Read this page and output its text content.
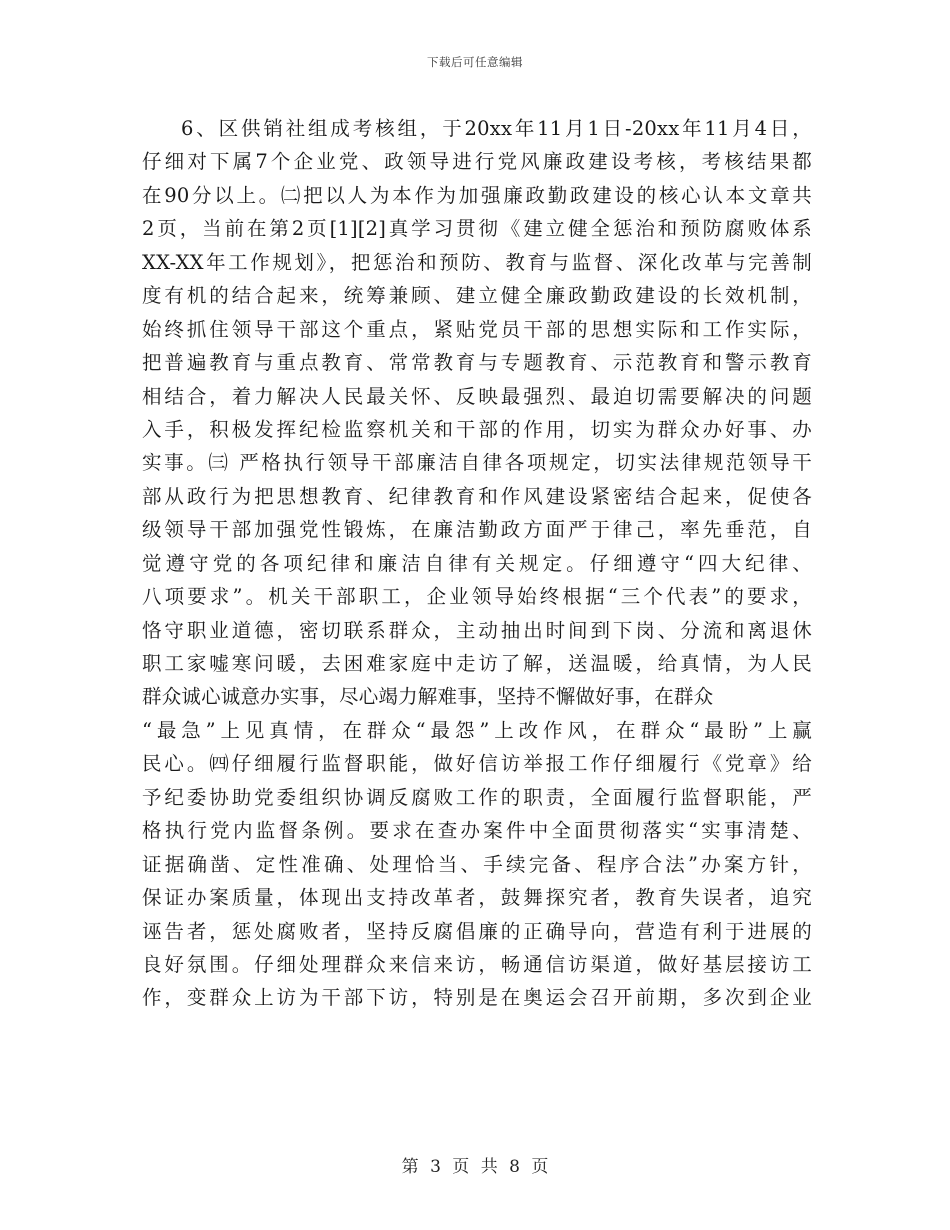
下载后可任意编辑
6、区供销社组成考核组，于20xx年11月1日-20xx年11月4日，
仔细对下属7个企业党、政领导进行党风廉政建设考核，考核结果都
在90分以上。㈡把以人为本作为加强廉政勤政建设的核心认本文章共
2页，当前在第2页[1][2]真学习贯彻《建立健全惩治和预防腐败体系
XX-XX年工作规划》，把惩治和预防、教育与监督、深化改革与完善制
度有机的结合起来，统筹兼顾、建立健全廉政勤政建设的长效机制，
始终抓住领导干部这个重点，紧贴党员干部的思想实际和工作实际，
把普遍教育与重点教育、常常教育与专题教育、示范教育和警示教育
相结合，着力解决人民最关怀、反映最强烈、最迫切需要解决的问题
入手，积极发挥纪检监察机关和干部的作用，切实为群众办好事、办
实事。㈢ 严格执行领导干部廉洁自律各项规定，切实法律规范领导干
部从政行为把思想教育、纪律教育和作风建设紧密结合起来，促使各
级领导干部加强党性锻炼，在廉洁勤政方面严于律己，率先垂范，自
觉遵守党的各项纪律和廉洁自律有关规定。仔细遵守“四大纪律、
八项要求”。机关干部职工，企业领导始终根据“三个代表”的要求，
恪守职业道德，密切联系群众，主动抽出时间到下岗、分流和离退休
职工家嘘寒问暖，去困难家庭中走访了解，送温暖，给真情，为人民
群众诚心诚意办实事，尽心竭力解难事，坚持不懈做好事，在群众
“最急”上见真情，在群众“最怨”上改作风，在群众“最盼”上赢
民心。㈣仔细履行监督职能，做好信访举报工作仔细履行《党章》给
予纪委协助党委组织协调反腐败工作的职责，全面履行监督职能，严
格执行党内监督条例。要求在查办案件中全面贯彻落实“实事清楚、
证据确凿、定性准确、处理恰当、手续完备、程序合法”办案方针，
保证办案质量，体现出支持改革者，鼓舞探究者，教育失误者，追究
诬告者，惩处腐败者，坚持反腐倡廉的正确导向，营造有利于进展的
良好氛围。仔细处理群众来信来访，畅通信访渠道，做好基层接访工
作，变群众上访为干部下访，特别是在奥运会召开前期，多次到企业
第 3 页 共 8 页
